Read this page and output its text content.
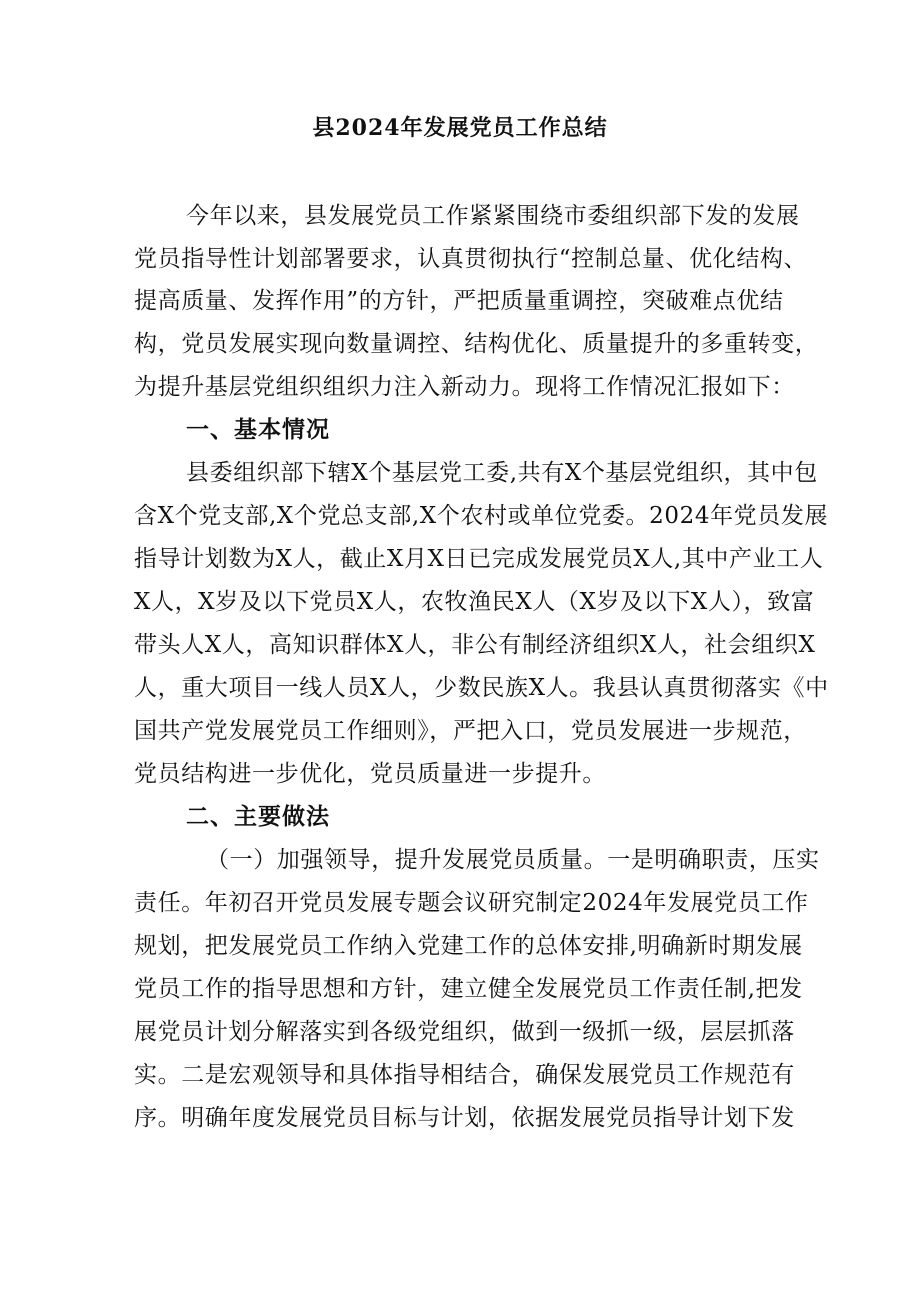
县2024年发展党员工作总结
今年以来，县发展党员工作紧紧围绕市委组织部下发的发展
党员指导性计划部署要求，认真贯彻执行“控制总量、优化结构、
提高质量、发挥作用”的方针，严把质量重调控，突破难点优结
构，党员发展实现向数量调控、结构优化、质量提升的多重转变，
为提升基层党组织组织力注入新动力。现将工作情况汇报如下：
一、基本情况
县委组织部下辖X个基层党工委,共有X个基层党组织，其中包
含X个党支部,X个党总支部,X个农村或单位党委。2024年党员发展
指导计划数为X人，截止X月X日已完成发展党员X人,其中产业工人
X人，X岁及以下党员X人，农牧渔民X人（X岁及以下X人），致富
带头人X人，高知识群体X人，非公有制经济组织X人，社会组织X
人，重大项目一线人员X人，少数民族X人。我县认真贯彻落实《中
国共产党发展党员工作细则》，严把入口，党员发展进一步规范，
党员结构进一步优化，党员质量进一步提升。
二、主要做法
（一）加强领导，提升发展党员质量。一是明确职责，压实
责任。年初召开党员发展专题会议研究制定2024年发展党员工作
规划，把发展党员工作纳入党建工作的总体安排,明确新时期发展
党员工作的指导思想和方针，建立健全发展党员工作责任制,把发
展党员计划分解落实到各级党组织，做到一级抓一级，层层抓落
实。二是宏观领导和具体指导相结合，确保发展党员工作规范有
序。明确年度发展党员目标与计划，依据发展党员指导计划下发
